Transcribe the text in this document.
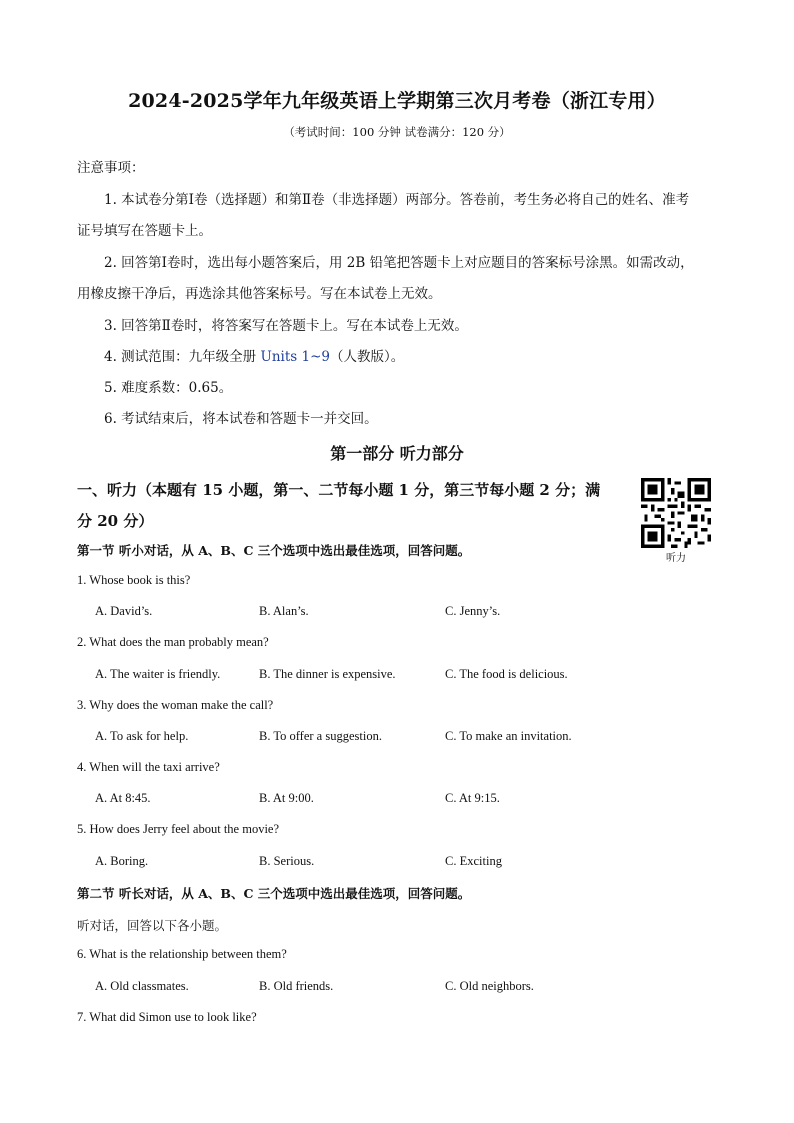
2024-2025学年九年级英语上学期第三次月考卷（浙江专用）
（考试时间：100 分钟 试卷满分：120 分）
注意事项：
1. 本试卷分第Ⅰ卷（选择题）和第Ⅱ卷（非选择题）两部分。答卷前，考生务必将自己的姓名、准考
证号填写在答题卡上。
2. 回答第Ⅰ卷时，选出每小题答案后，用 2B 铅笔把答题卡上对应题目的答案标号涂黑。如需改动，
用橡皮擦干净后，再选涂其他答案标号。写在本试卷上无效。
3. 回答第Ⅱ卷时，将答案写在答题卡上。写在本试卷上无效。
4. 测试范围：九年级全册 Units 1~9（人教版）。
5. 难度系数：0.65。
6. 考试结束后，将本试卷和答题卡一并交回。
第一部分 听力部分
一、听力（本题有 15 小题，第一、二节每小题 1 分，第三节每小题 2 分；满
分 20 分）
听力
第一节 听小对话，从 A、B、C 三个选项中选出最佳选项，回答问题。
1. Whose book is this?
A. David’s.	B. Alan’s.	C. Jenny’s.
2. What does the man probably mean?
A. The waiter is friendly.	B. The dinner is expensive.	C. The food is delicious.
3. Why does the woman make the call?
A. To ask for help.	B. To offer a suggestion.	C. To make an invitation.
4. When will the taxi arrive?
A. At 8:45.	B. At 9:00.	C. At 9:15.
5. How does Jerry feel about the movie?
A. Boring.	B. Serious.	C. Exciting
第二节 听长对话，从 A、B、C 三个选项中选出最佳选项，回答问题。
听对话，回答以下各小题。
6. What is the relationship between them?
A. Old classmates.	B. Old friends.	C. Old neighbors.
7. What did Simon use to look like?
